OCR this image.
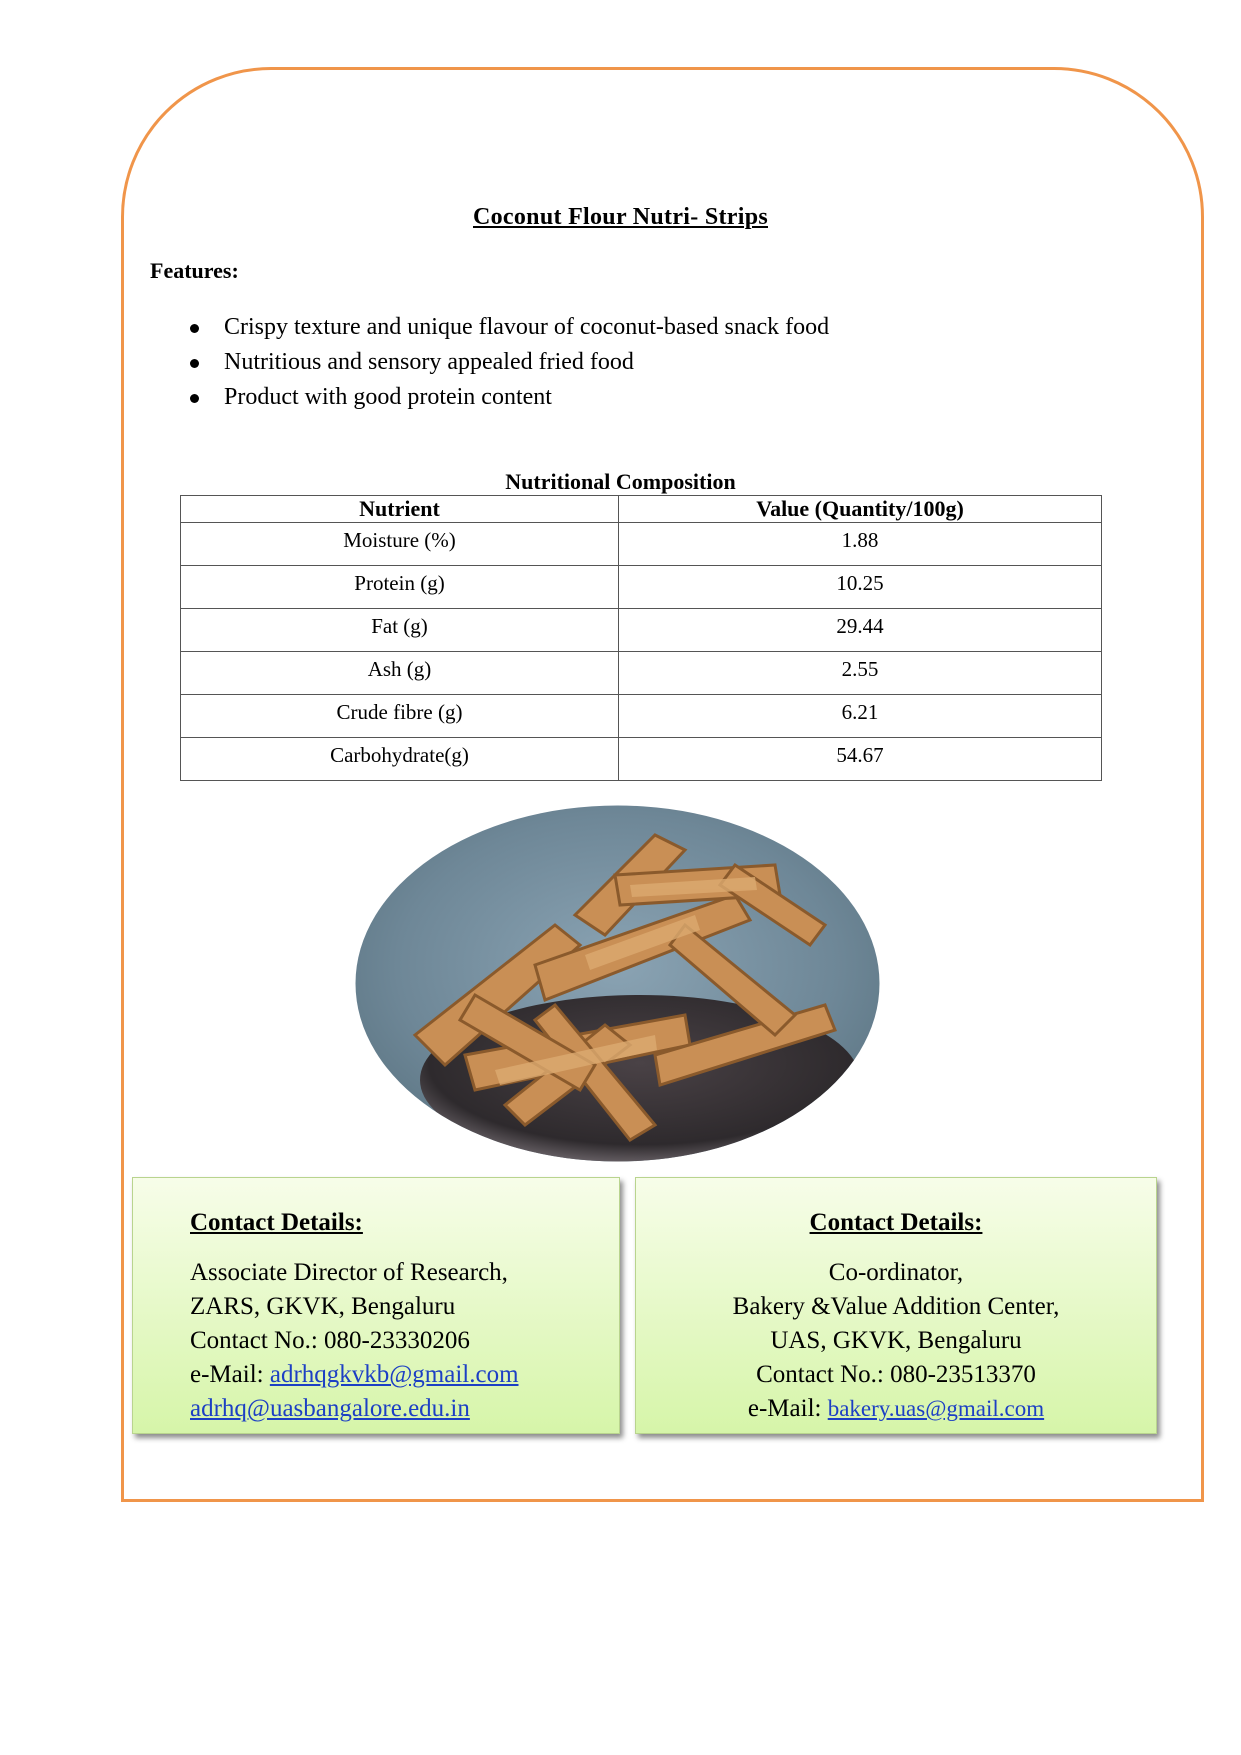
Coconut Flour Nutri- Strips
Features:
Crispy texture and unique flavour of coconut-based snack food
Nutritious and sensory appealed fried food
Product with good protein content
Nutritional Composition
Nutrient	Value (Quantity/100g)
Moisture (%)	1.88
Protein (g)	10.25
Fat (g)	29.44
Ash (g)	2.55
Crude fibre (g)	6.21
Carbohydrate(g)	54.67
Contact Details:
Associate Director of Research,
ZARS, GKVK, Bengaluru
Contact No.: 080-23330206
e-Mail: adrhqgkvkb@gmail.com
adrhq@uasbangalore.edu.in
Contact Details:
Co-ordinator,
Bakery &Value Addition Center,
UAS, GKVK, Bengaluru
Contact No.: 080-23513370
e-Mail: bakery.uas@gmail.com
